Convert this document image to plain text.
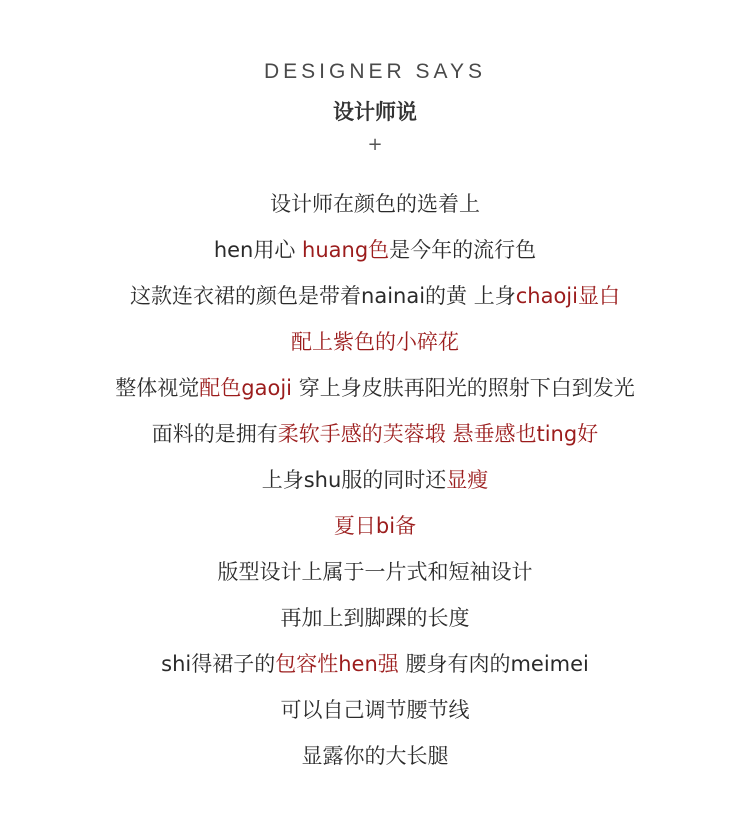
DESIGNER SAYS
设计师说
+
设计师在颜色的选着上
hen用心 huang色是今年的流行色
这款连衣裙的颜色是带着nainai的黄 上身chaoji显白
配上紫色的小碎花
整体视觉配色gaoji 穿上身皮肤再阳光的照射下白到发光
面料的是拥有柔软手感的芙蓉塅 悬垂感也ting好
上身shu服的同时还显瘦
夏日bi备
版型设计上属于一片式和短袖设计
再加上到脚踝的长度
shi得裙子的包容性hen强 腰身有肉的meimei
可以自己调节腰节线
显露你的大长腿
